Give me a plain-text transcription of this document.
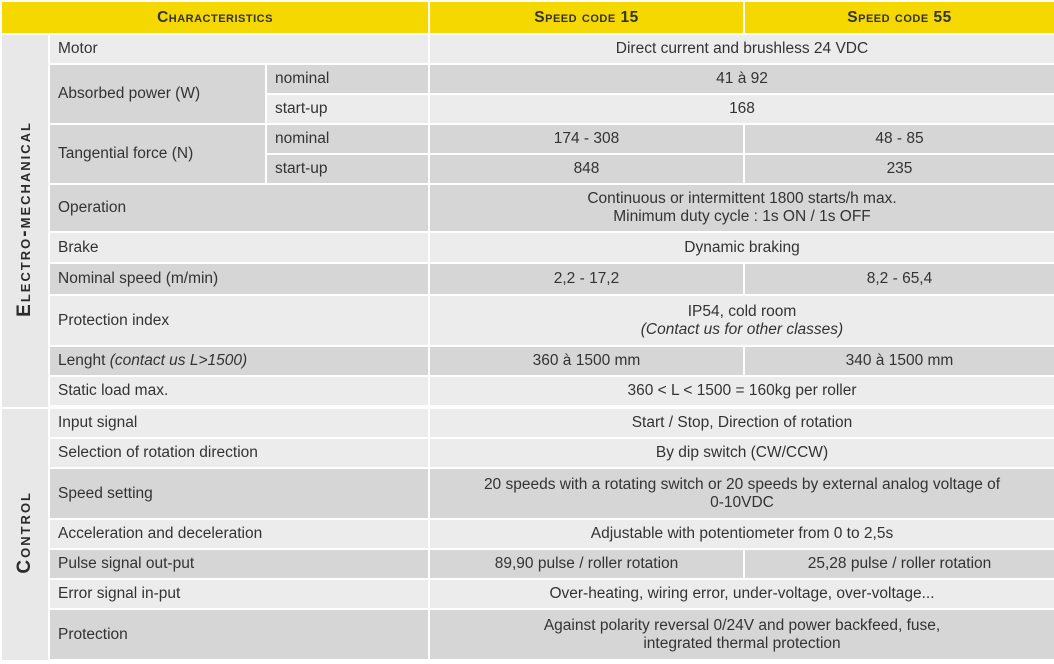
Characteristics			Speed code 15	Speed code 55
Electro-mechanical	Motor		Direct current and brushless 24 VDC	
	Absorbed power (W)	nominal	41 à 92	
		start-up	168	
	Tangential force (N)	nominal	174 - 308	48 - 85
		start-up	848	235
	Operation		Continuous or intermittent 1800 starts/h max.
Minimum duty cycle : 1s ON / 1s OFF	
	Brake		Dynamic braking	
	Nominal speed (m/min)		2,2 - 17,2	8,2 - 65,4
	Protection index		IP54, cold room
(Contact us for other classes)	
	Lenght (contact us L>1500)		360 à 1500 mm	340 à 1500 mm
	Static load max.		360 < L < 1500 = 160kg per roller	

Control	Input signal		Start / Stop, Direction of rotation	
	Selection of rotation direction		By dip switch (CW/CCW)	
	Speed setting		20 speeds with a rotating switch or 20 speeds by external analog voltage of
0-10VDC	
	Acceleration and deceleration		Adjustable with potentiometer from 0 to 2,5s	
	Pulse signal out-put		89,90 pulse / roller rotation	25,28 pulse / roller rotation
	Error signal in-put		Over-heating, wiring error, under-voltage, over-voltage...	
	Protection		Against polarity reversal 0/24V and power backfeed, fuse,
integrated thermal protection	
